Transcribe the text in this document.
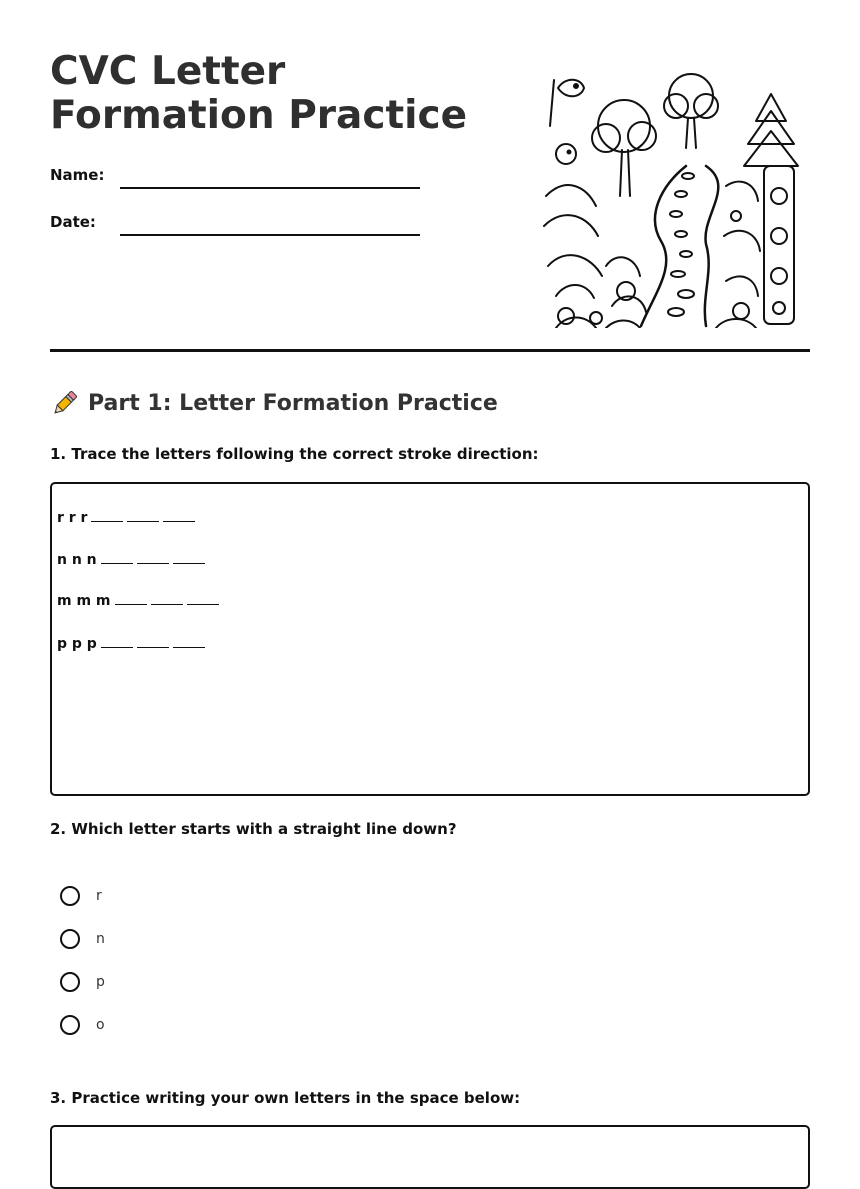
CVC Letter Formation Practice
Name:
Date:
Part 1: Letter Formation Practice

1. Trace the letters following the correct stroke direction:

r r r
n n n
m m m
p p p

2. Which letter starts with a straight line down?

r
n
p
o

3. Practice writing your own letters in the space below:
